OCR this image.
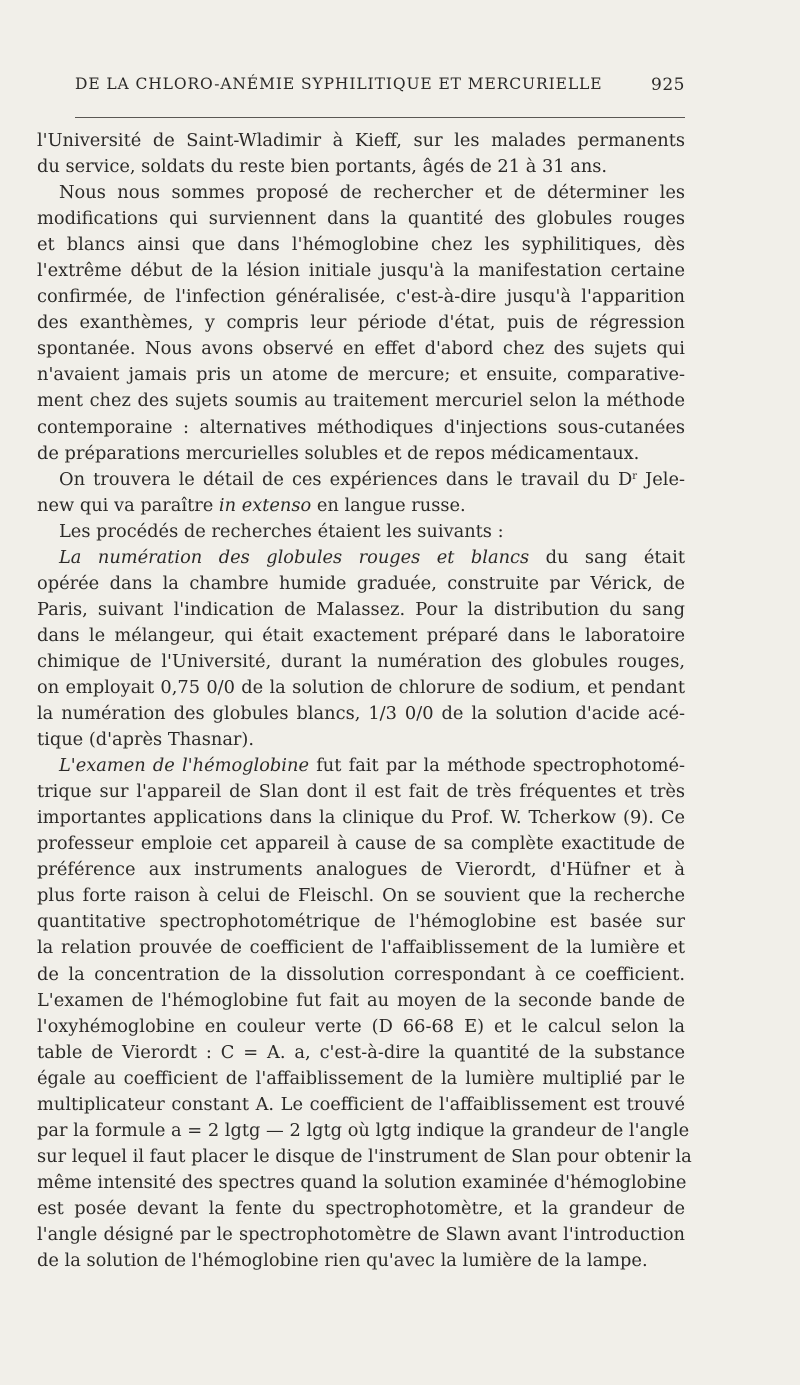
DE LA CHLORO-ANÉMIE SYPHILITIQUE ET MERCURIELLE	925
l'Université de Saint-Wladimir à Kieff, sur les malades permanents
du service, soldats du reste bien portants, âgés de 21 à 31 ans.
Nous nous sommes proposé de rechercher et de déterminer les
modifications qui surviennent dans la quantité des globules rouges
et blancs ainsi que dans l'hémoglobine chez les syphilitiques, dès
l'extrême début de la lésion initiale jusqu'à la manifestation certaine
confirmée, de l'infection généralisée, c'est-à-dire jusqu'à l'apparition
des exanthèmes, y compris leur période d'état, puis de régression
spontanée. Nous avons observé en effet d'abord chez des sujets qui
n'avaient jamais pris un atome de mercure; et ensuite, comparative-
ment chez des sujets soumis au traitement mercuriel selon la méthode
contemporaine : alternatives méthodiques d'injections sous-cutanées
de préparations mercurielles solubles et de repos médicamentaux.
On trouvera le détail de ces expériences dans le travail du $D^r$ Jele-
new qui va paraître in extenso en langue russe.
Les procédés de recherches étaient les suivants :
La numération des globules rouges et blancs du sang était
opérée dans la chambre humide graduée, construite par Vérick, de
Paris, suivant l'indication de Malassez. Pour la distribution du sang
dans le mélangeur, qui était exactement préparé dans le laboratoire
chimique de l'Université, durant la numération des globules rouges,
on employait 0,75 0/0 de la solution de chlorure de sodium, et pendant
la numération des globules blancs, 1/3 0/0 de la solution d'acide acé-
tique (d'après Thasnar).
L'examen de l'hémoglobine fut fait par la méthode spectrophotomé-
trique sur l'appareil de Slan dont il est fait de très fréquentes et très
importantes applications dans la clinique du Prof. W. Tcherkow (9). Ce
professeur emploie cet appareil à cause de sa complète exactitude de
préférence aux instruments analogues de Vierordt, d'Hüfner et à
plus forte raison à celui de Fleischl. On se souvient que la recherche
quantitative spectrophotométrique de l'hémoglobine est basée sur
la relation prouvée de coefficient de l'affaiblissement de la lumière et
de la concentration de la dissolution correspondant à ce coefficient.
L'examen de l'hémoglobine fut fait au moyen de la seconde bande de
l'oxyhémoglobine en couleur verte (D 66-68 E) et le calcul selon la
table de Vierordt : C = A. a, c'est-à-dire la quantité de la substance
égale au coefficient de l'affaiblissement de la lumière multiplié par le
multiplicateur constant A. Le coefficient de l'affaiblissement est trouvé
par la formule a = 2 lgtg — 2 lgtg où lgtg indique la grandeur de l'angle
sur lequel il faut placer le disque de l'instrument de Slan pour obtenir la
même intensité des spectres quand la solution examinée d'hémoglobine
est posée devant la fente du spectrophotomètre, et la grandeur de
l'angle désigné par le spectrophotomètre de Slawn avant l'introduction
de la solution de l'hémoglobine rien qu'avec la lumière de la lampe.
